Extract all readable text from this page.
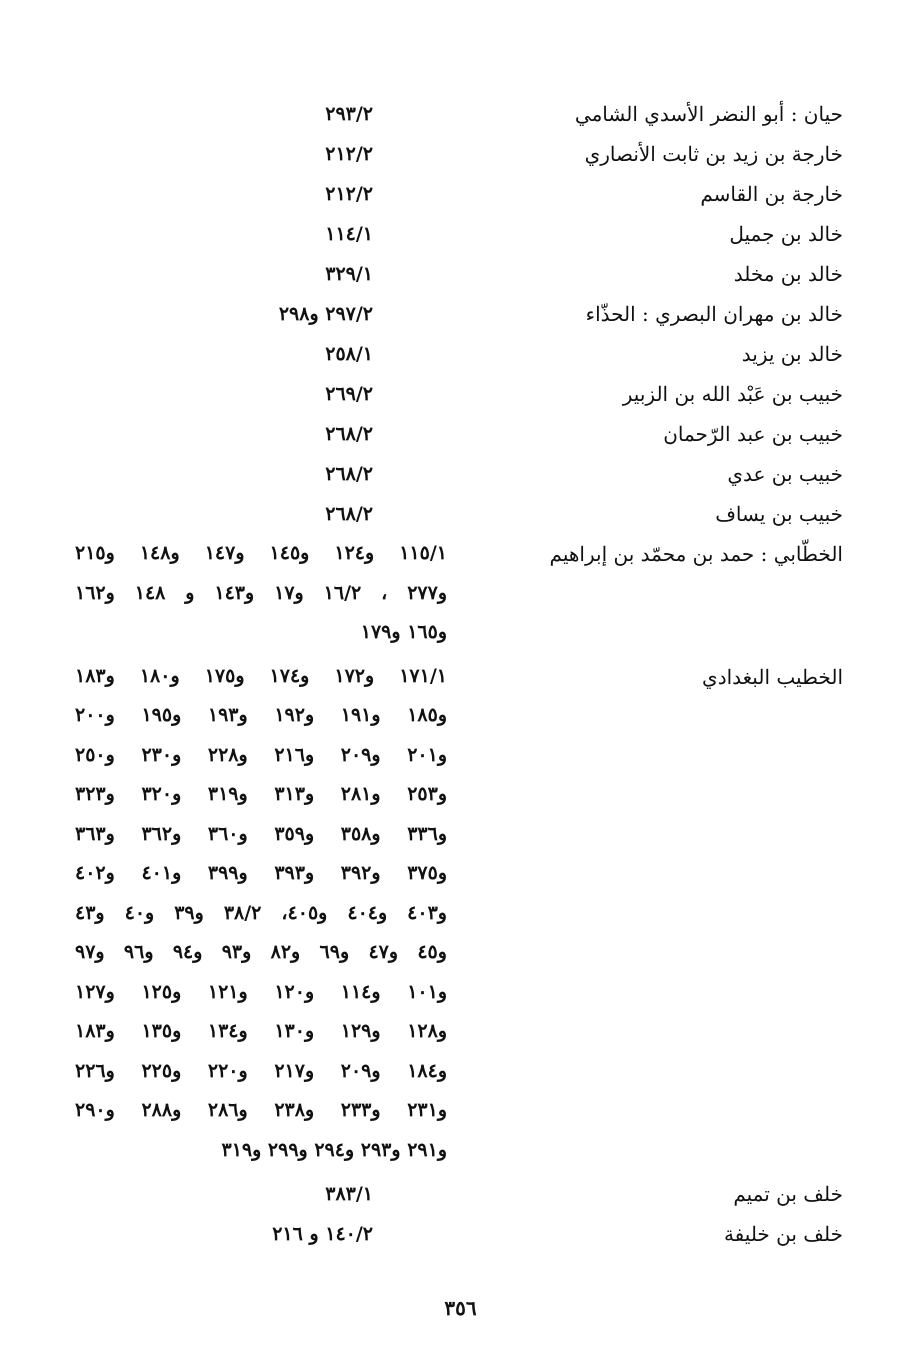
حيان : أبو النضر الأسدي الشامي
٢٩٣/٢
خارجة بن زيد بن ثابت الأنصاري
٢١٢/٢
خارجة بن القاسم
٢١٢/٢
خالد بن جميل
١١٤/١
خالد بن مخلد
٣٢٩/١
خالد بن مهران البصري : الحذّاء
٢٩٧/٢ و٢٩٨
خالد بن يزيد
٢٥٨/١
خبيب بن عَبْد الله بن الزبير
٢٦٩/٢
خبيب بن عبد الرّحمان
٢٦٨/٢
خبيب بن عدي
٢٦٨/٢
خبيب بن يساف
٢٦٨/٢
الخطّابي : حمد بن محمّد بن إبراهيم
١١٥/١ و١٢٤ و١٤٥ و١٤٧ و١٤٨ و٢١٥
و٢٧٧ ، ١٦/٢ و١٧ و١٤٣ و ١٤٨ و١٦٢
و١٦٥ و١٧٩
الخطيب البغدادي
١٧١/١ و١٧٢ و١٧٤ و١٧٥ و١٨٠ و١٨٣
و١٨٥ و١٩١ و١٩٢ و١٩٣ و١٩٥ و٢٠٠
و٢٠١ و٢٠٩ و٢١٦ و٢٢٨ و٢٣٠ و٢٥٠
و٢٥٣ و٢٨١ و٣١٣ و٣١٩ و٣٢٠ و٣٢٣
و٣٣٦ و٣٥٨ و٣٥٩ و٣٦٠ و٣٦٢ و٣٦٣
و٣٧٥ و٣٩٢ و٣٩٣ و٣٩٩ و٤٠١ و٤٠٢
و٤٠٣ و٤٠٤ و٤٠٥، ٣٨/٢ و٣٩ و٤٠ و٤٣
و٤٥ و٤٧ و٦٩ و٨٢ و٩٣ و٩٤ و٩٦ و٩٧
و١٠١ و١١٤ و١٢٠ و١٢١ و١٢٥ و١٢٧
و١٢٨ و١٢٩ و١٣٠ و١٣٤ و١٣٥ و١٨٣
و١٨٤ و٢٠٩ و٢١٧ و٢٢٠ و٢٢٥ و٢٢٦
و٢٣١ و٢٣٣ و٢٣٨ و٢٨٦ و٢٨٨ و٢٩٠
و٢٩١ و٢٩٣ و٢٩٤ و٢٩٩ و٣١٩
خلف بن تميم
٣٨٣/١
خلف بن خليفة
١٤٠/٢ و ٢١٦
٣٥٦
